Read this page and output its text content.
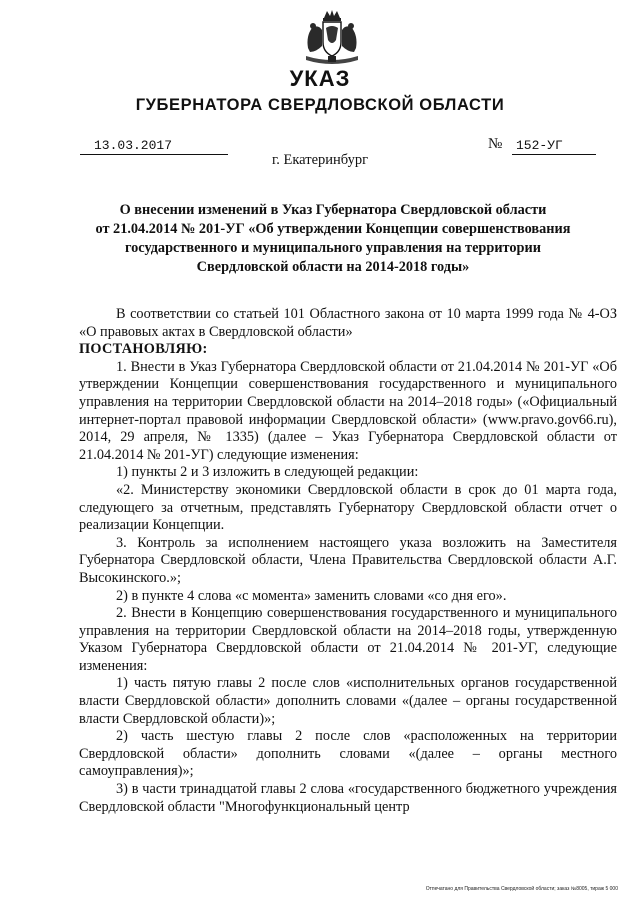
УКАЗ
ГУБЕРНАТОРА СВЕРДЛОВСКОЙ ОБЛАСТИ
13.03.2017	№	152-УГ
г. Екатеринбург
О внесении изменений в Указ Губернатора Свердловской области
от 21.04.2014 № 201-УГ «Об утверждении Концепции совершенствования
государственного и муниципального управления на территории
Свердловской области на 2014-2018 годы»

В соответствии со статьей 101 Областного закона от 10 марта 1999 года № 4-ОЗ «О правовых актах в Свердловской области»

ПОСТАНОВЛЯЮ:

1. Внести в Указ Губернатора Свердловской области от 21.04.2014 № 201-УГ «Об утверждении Концепции совершенствования государственного и муниципального управления на территории Свердловской области на 2014–2018 годы» («Официальный интернет-портал правовой информации Свердловской области» (www.pravo.gov66.ru), 2014, 29 апреля, № 1335) (далее – Указ Губернатора Свердловской области от 21.04.2014 № 201-УГ) следующие изменения:

1) пункты 2 и 3 изложить в следующей редакции:

«2. Министерству экономики Свердловской области в срок до 01 марта года, следующего за отчетным, представлять Губернатору Свердловской области отчет о реализации Концепции.

3. Контроль за исполнением настоящего указа возложить на Заместителя Губернатора Свердловской области, Члена Правительства Свердловской области А.Г. Высокинского.»;

2) в пункте 4 слова «с момента» заменить словами «со дня его».

2. Внести в Концепцию совершенствования государственного и муниципального управления на территории Свердловской области на 2014–2018 годы, утвержденную Указом Губернатора Свердловской области от 21.04.2014 № 201-УГ, следующие изменения:

1) часть пятую главы 2 после слов «исполнительных органов государственной власти Свердловской области» дополнить словами «(далее – органы государственной власти Свердловской области)»;

2) часть шестую главы 2 после слов «расположенных на территории Свердловской области» дополнить словами «(далее – органы местного самоуправления)»;

3) в части тринадцатой главы 2 слова «государственного бюджетного учреждения Свердловской области "Многофункциональный центр

Отпечатано для Правительства Свердловской области; заказ №8005, тираж 5 000
